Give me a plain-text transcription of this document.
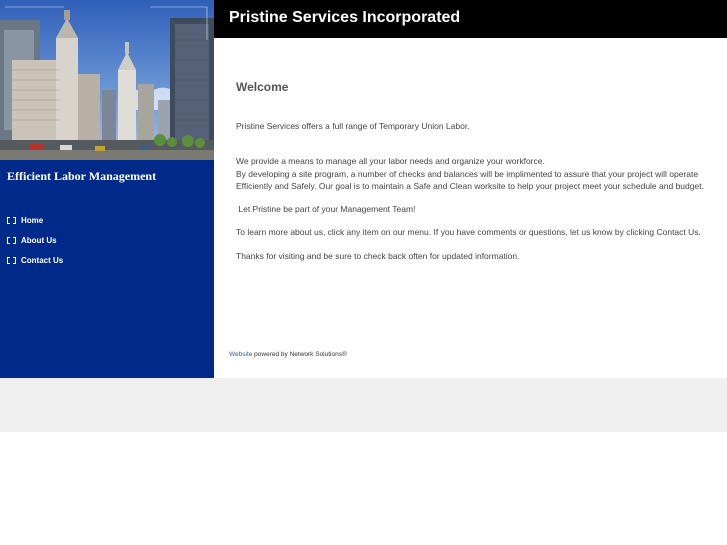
Efficient Labor Management

Home
About Us
Contact Us
Pristine Services Incorporated
Welcome

Pristine Services offers a full range of Temporary Union Labor.

We provide a means to manage all your labor needs and organize your workforce.

By developing a site program, a number of checks and balances will be implimented to assure that your project will operate Efficiently and Safely. Our goal is to maintain a Safe and Clean worksite to help your project meet your schedule and budget.

Let Pristine be part of your Management Team!

To learn more about us, click any item on our menu. If you have comments or questions, let us know by clicking Contact Us.

Thanks for visiting and be sure to check back often for updated information.

Website powered by Network Solutions®
